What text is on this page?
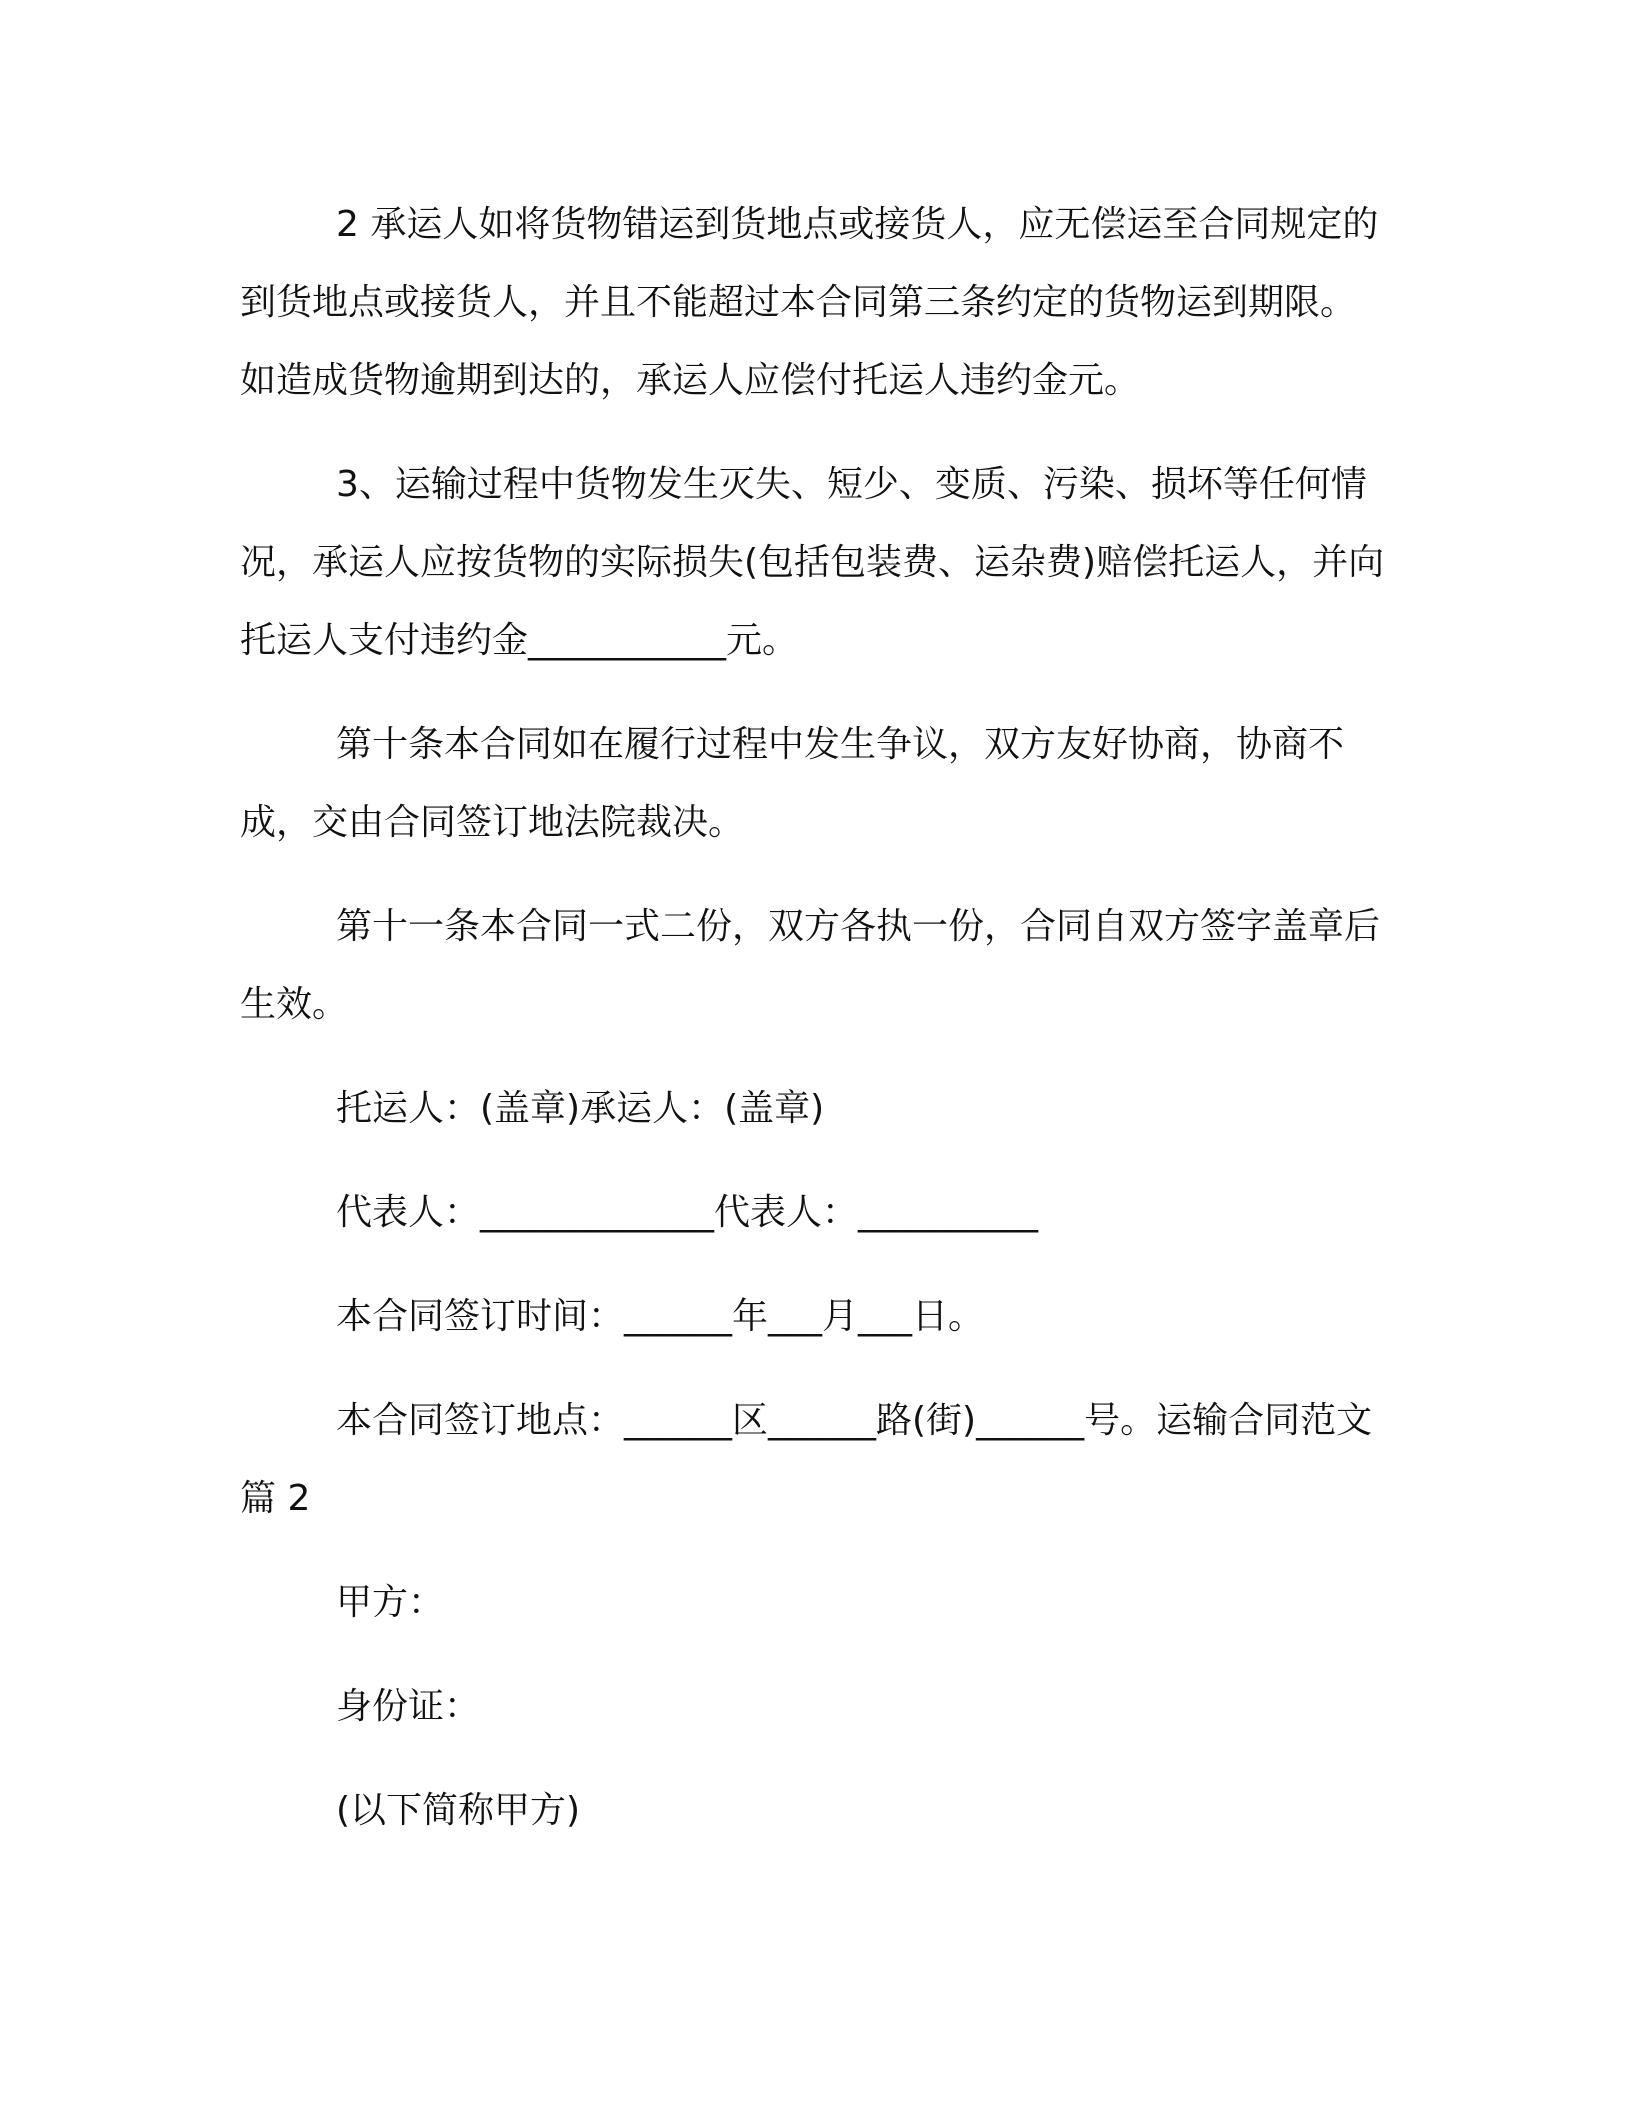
2 承运人如将货物错运到货地点或接货人，应无偿运至合同规定的到货地点或接货人，并且不能超过本合同第三条约定的货物运到期限。如造成货物逾期到达的，承运人应偿付托运人违约金元。

3、运输过程中货物发生灭失、短少、变质、污染、损坏等任何情况，承运人应按货物的实际损失(包括包装费、运杂费)赔偿托运人，并向托运人支付违约金___________元。

第十条本合同如在履行过程中发生争议，双方友好协商，协商不成，交由合同签订地法院裁决。

第十一条本合同一式二份，双方各执一份，合同自双方签字盖章后生效。

托运人：(盖章)承运人：(盖章)

代表人：_____________代表人：__________

本合同签订时间：______年___月___日。

本合同签订地点：______区______路(街)______号。运输合同范文 篇 2

甲方：

身份证：

(以下简称甲方)
